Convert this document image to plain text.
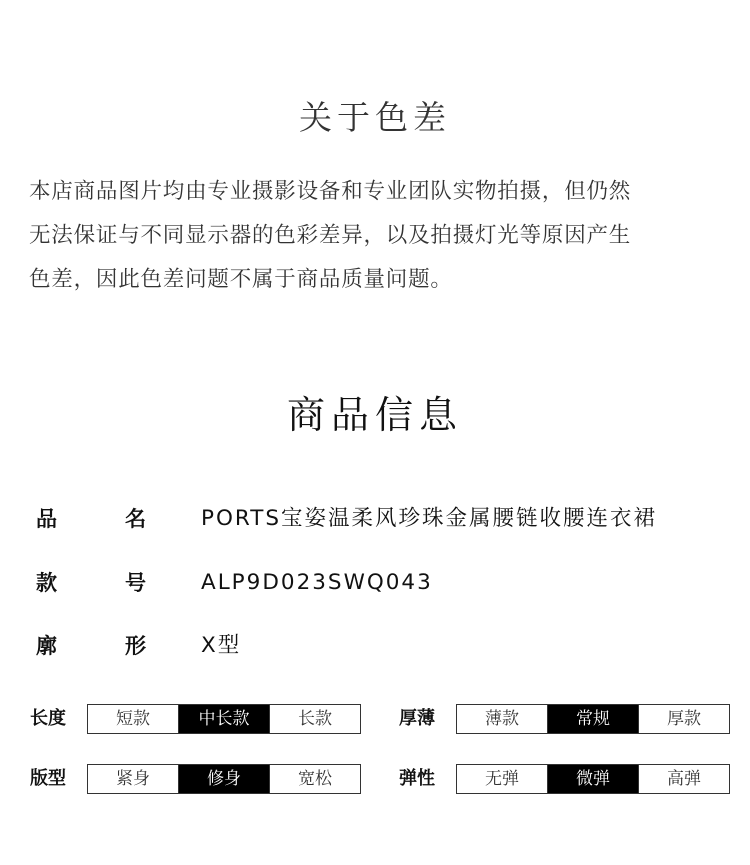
关于色差

本店商品图片均由专业摄影设备和专业团队实物拍摄，但仍然
无法保证与不同显示器的色彩差异，以及拍摄灯光等原因产生
色差，因此色差问题不属于商品质量问题。

商品信息
品	名	PORTS宝姿温柔风珍珠金属腰链收腰连衣裙
款	号	ALP9D023SWQ043
廓	形	X型
长度	短款	中长款	长款	厚薄	薄款	常规	厚款
版型	紧身	修身	宽松	弹性	无弹	微弹	高弹
